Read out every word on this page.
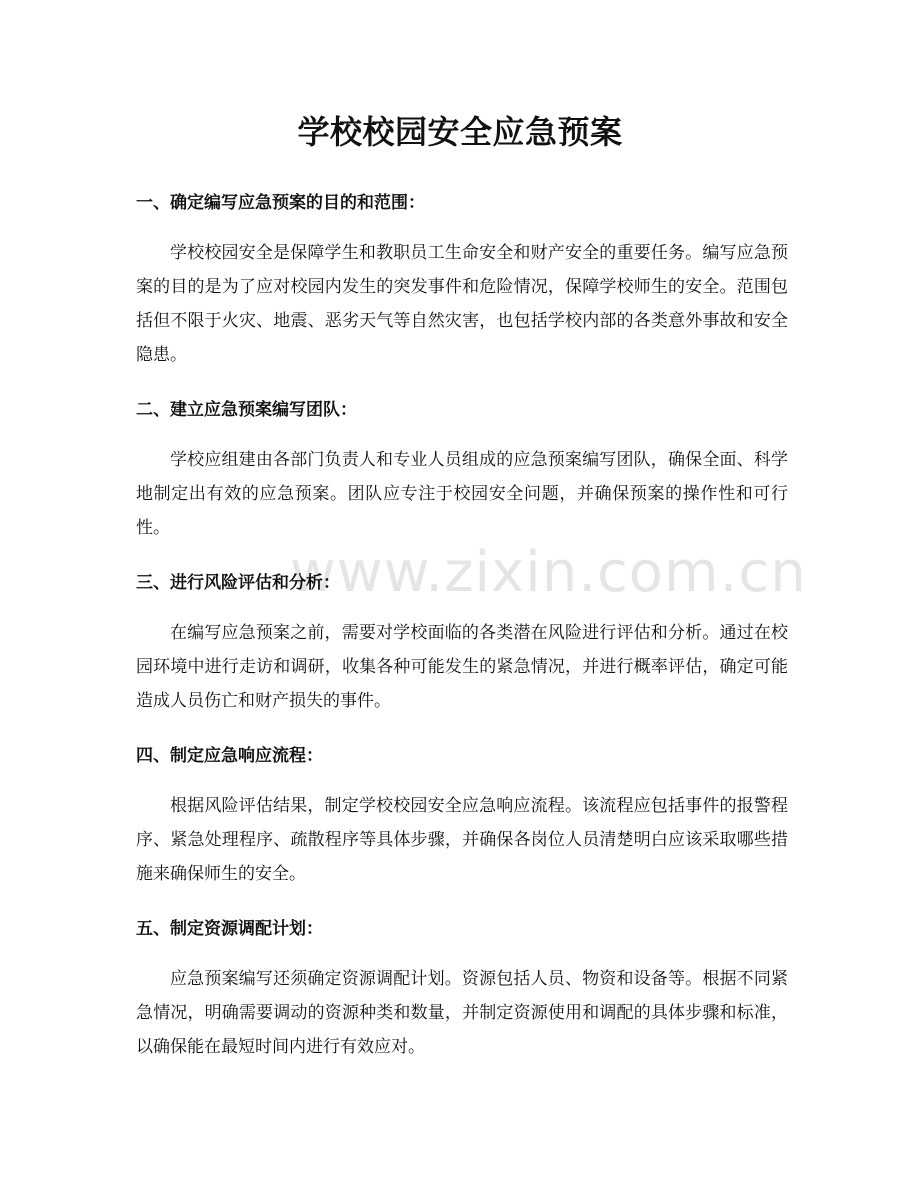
学校校园安全应急预案
一、确定编写应急预案的目的和范围：

学校校园安全是保障学生和教职员工生命安全和财产安全的重要任务。编写应急预案的目的是为了应对校园内发生的突发事件和危险情况，保障学校师生的安全。范围包括但不限于火灾、地震、恶劣天气等自然灾害，也包括学校内部的各类意外事故和安全隐患。

二、建立应急预案编写团队：

学校应组建由各部门负责人和专业人员组成的应急预案编写团队，确保全面、科学地制定出有效的应急预案。团队应专注于校园安全问题，并确保预案的操作性和可行性。

三、进行风险评估和分析：

在编写应急预案之前，需要对学校面临的各类潜在风险进行评估和分析。通过在校园环境中进行走访和调研，收集各种可能发生的紧急情况，并进行概率评估，确定可能造成人员伤亡和财产损失的事件。

四、制定应急响应流程：

根据风险评估结果，制定学校校园安全应急响应流程。该流程应包括事件的报警程序、紧急处理程序、疏散程序等具体步骤，并确保各岗位人员清楚明白应该采取哪些措施来确保师生的安全。

五、制定资源调配计划：

应急预案编写还须确定资源调配计划。资源包括人员、物资和设备等。根据不同紧急情况，明确需要调动的资源种类和数量，并制定资源使用和调配的具体步骤和标准，以确保能在最短时间内进行有效应对。

www.zixin.com.cn
